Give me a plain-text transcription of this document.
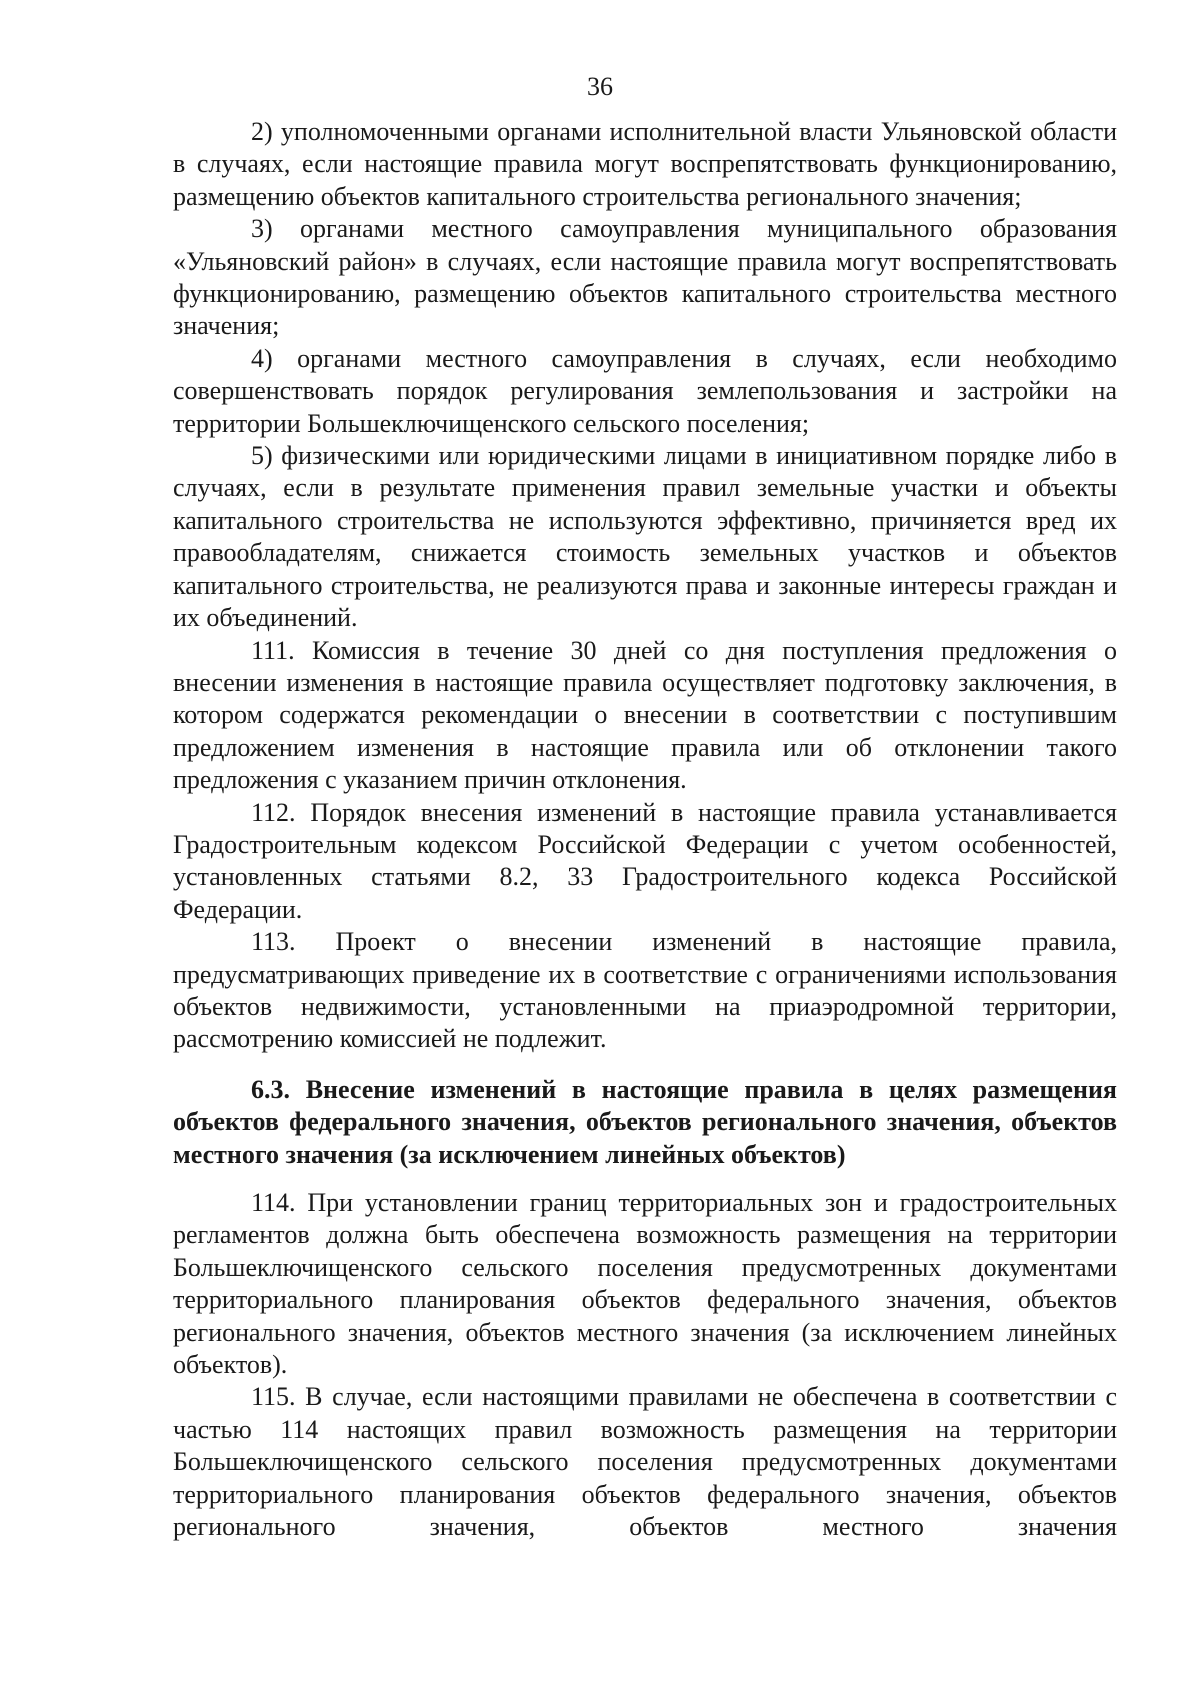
36

2) уполномоченными органами исполнительной власти Ульяновской области в случаях, если настоящие правила могут воспрепятствовать функционированию, размещению объектов капитального строительства регионального значения;

3) органами местного самоуправления муниципального образования «Ульяновский район» в случаях, если настоящие правила могут воспрепятствовать функционированию, размещению объектов капитального строительства местного значения;

4) органами местного самоуправления в случаях, если необходимо совершенствовать порядок регулирования землепользования и застройки на территории Большеключищенского сельского поселения;

5) физическими или юридическими лицами в инициативном порядке либо в случаях, если в результате применения правил земельные участки и объекты капитального строительства не используются эффективно, причиняется вред их правообладателям, снижается стоимость земельных участков и объектов капитального строительства, не реализуются права и законные интересы граждан и их объединений.

111. Комиссия в течение 30 дней со дня поступления предложения о внесении изменения в настоящие правила осуществляет подготовку заключения, в котором содержатся рекомендации о внесении в соответствии с поступившим предложением изменения в настоящие правила или об отклонении такого предложения с указанием причин отклонения.

112. Порядок внесения изменений в настоящие правила устанавливается Градостроительным кодексом Российской Федерации с учетом особенностей, установленных статьями 8.2, 33 Градостроительного кодекса Российской Федерации.

113. Проект о внесении изменений в настоящие правила, предусматривающих приведение их в соответствие с ограничениями использования объектов недвижимости, установленными на приаэродромной территории, рассмотрению комиссией не подлежит.

6.3. Внесение изменений в настоящие правила в целях размещения объектов федерального значения, объектов регионального значения, объектов местного значения (за исключением линейных объектов)

114. При установлении границ территориальных зон и градостроительных регламентов должна быть обеспечена возможность размещения на территории Большеключищенского сельского поселения предусмотренных документами территориального планирования объектов федерального значения, объектов регионального значения, объектов местного значения (за исключением линейных объектов).

115. В случае, если настоящими правилами не обеспечена в соответствии с частью 114 настоящих правил возможность размещения на территории Большеключищенского сельского поселения предусмотренных документами территориального планирования объектов федерального значения, объектов регионального значения, объектов местного значения
